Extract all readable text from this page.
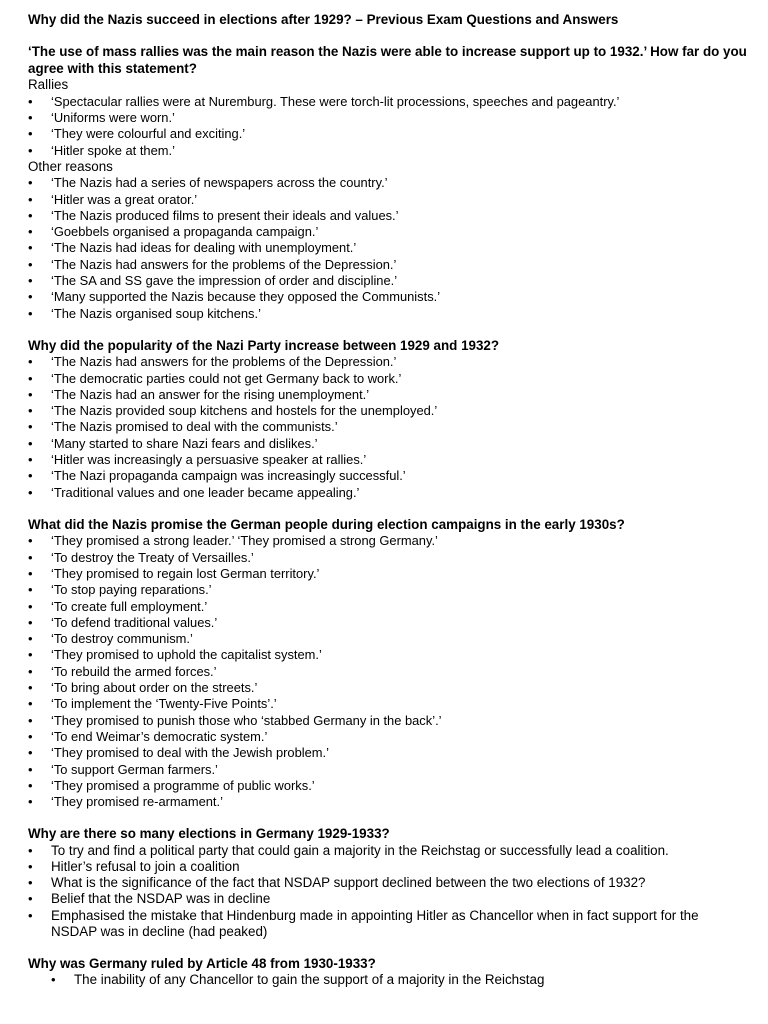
Why did the Nazis succeed in elections after 1929? – Previous Exam Questions and Answers

‘The use of mass rallies was the main reason the Nazis were able to increase support up to 1932.’ How far do you agree with this statement?

Rallies

• ‘Spectacular rallies were at Nuremburg. These were torch-lit processions, speeches and pageantry.’
• ‘Uniforms were worn.’
• ‘They were colourful and exciting.’
• ‘Hitler spoke at them.’

Other reasons

• ‘The Nazis had a series of newspapers across the country.’
• ‘Hitler was a great orator.’
• ‘The Nazis produced films to present their ideals and values.’
• ‘Goebbels organised a propaganda campaign.’
• ‘The Nazis had ideas for dealing with unemployment.’
• ‘The Nazis had answers for the problems of the Depression.’
• ‘The SA and SS gave the impression of order and discipline.’
• ‘Many supported the Nazis because they opposed the Communists.’
• ‘The Nazis organised soup kitchens.’

Why did the popularity of the Nazi Party increase between 1929 and 1932?

• ‘The Nazis had answers for the problems of the Depression.’
• ‘The democratic parties could not get Germany back to work.’
• ‘The Nazis had an answer for the rising unemployment.’
• ‘The Nazis provided soup kitchens and hostels for the unemployed.’
• ‘The Nazis promised to deal with the communists.’
• ‘Many started to share Nazi fears and dislikes.’
• ‘Hitler was increasingly a persuasive speaker at rallies.’
• ‘The Nazi propaganda campaign was increasingly successful.’
• ‘Traditional values and one leader became appealing.’

What did the Nazis promise the German people during election campaigns in the early 1930s?

• ‘They promised a strong leader.’ ‘They promised a strong Germany.’
• ‘To destroy the Treaty of Versailles.’
• ‘They promised to regain lost German territory.’
• ‘To stop paying reparations.’
• ‘To create full employment.’
• ‘To defend traditional values.’
• ‘To destroy communism.’
• ‘They promised to uphold the capitalist system.’
• ‘To rebuild the armed forces.’
• ‘To bring about order on the streets.’
• ‘To implement the ‘Twenty-Five Points’.’
• ‘They promised to punish those who ‘stabbed Germany in the back’.’
• ‘To end Weimar’s democratic system.’
• ‘They promised to deal with the Jewish problem.’
• ‘To support German farmers.’
• ‘They promised a programme of public works.’
• ‘They promised re-armament.’

Why are there so many elections in Germany 1929-1933?

• To try and find a political party that could gain a majority in the Reichstag or successfully lead a coalition.
• Hitler’s refusal to join a coalition
• What is the significance of the fact that NSDAP support declined between the two elections of 1932?
• Belief that the NSDAP was in decline
• Emphasised the mistake that Hindenburg made in appointing Hitler as Chancellor when in fact support for the NSDAP was in decline (had peaked)

Why was Germany ruled by Article 48 from 1930-1933?

• The inability of any Chancellor to gain the support of a majority in the Reichstag
